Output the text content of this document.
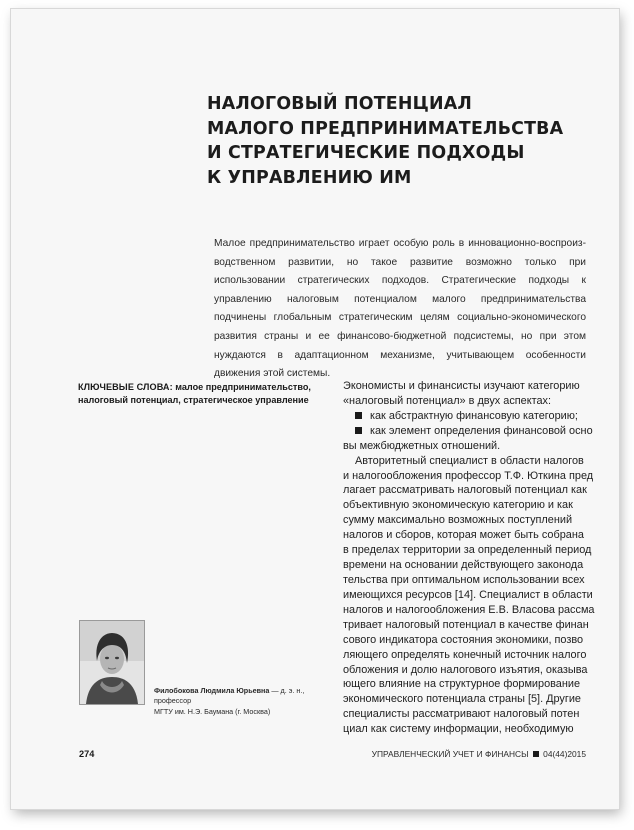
НАЛОГОВЫЙ ПОТЕНЦИАЛ
МАЛОГО ПРЕДПРИНИМАТЕЛЬСТВА
И СТРАТЕГИЧЕСКИЕ ПОДХОДЫ
К УПРАВЛЕНИЮ ИМ

Малое предпринимательство играет особую роль в инновационно-воспроизводственном развитии, но такое развитие возможно только при использовании стратегических подходов. Стратегические подходы к управлению налоговым потенциалом малого предпринимательства подчинены глобальным стратегическим целям социально-экономического развития страны и ее финансово-бюджетной подсистемы, но при этом нуждаются в адаптационном механизме, учитывающем особенности движения этой системы.

КЛЮЧЕВЫЕ СЛОВА: малое предпринимательство, налоговый потенциал, стратегическое управление
Экономисты и финансисты изучают категорию
«налоговый потенциал» в двух аспектах:
как абстрактную финансовую категорию;
как элемент определения финансовой осно
вы межбюджетных отношений.
Авторитетный специалист в области налогов
и налогообложения профессор Т.Ф. Юткина пред
лагает рассматривать налоговый потенциал как
объективную экономическую категорию и как
сумму максимально возможных поступлений
налогов и сборов, которая может быть собрана
в пределах территории за определенный период
времени на основании действующего законода
тельства при оптимальном использовании всех
имеющихся ресурсов [14]. Специалист в области
налогов и налогообложения Е.В. Власова рассма
тривает налоговый потенциал в качестве финан
сового индикатора состояния экономики, позво
ляющего определять конечный источник налого
обложения и долю налогового изъятия, оказыва
ющего влияние на структурное формирование
экономического потенциала страны [5]. Другие
специалисты рассматривают налоговый потен
циал как систему информации, необходимую
Филобокова Людмила Юрьевна — д. э. н., профессор
МГТУ им. Н.Э. Баумана (г. Москва)
274	УПРАВЛЕНЧЕСКИЙ УЧЕТ И ФИНАНСЫ 04(44)2015
